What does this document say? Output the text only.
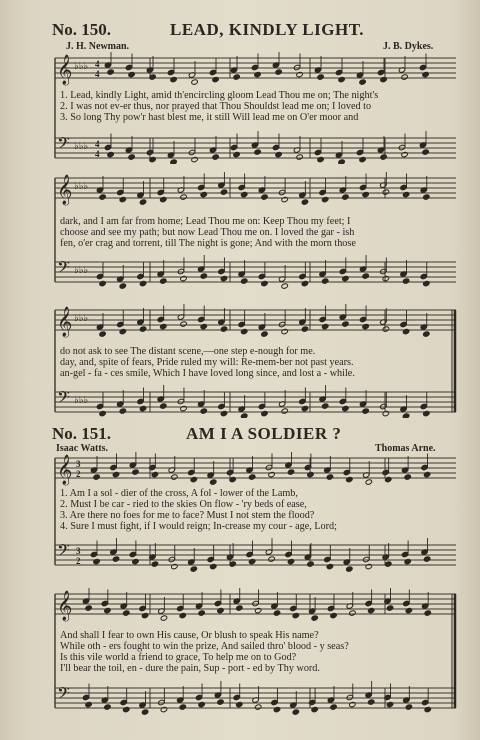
No. 150.	LEAD, KINDLY LIGHT.
J. H. Newman.	J. B. Dykes.
𝄞
𝄢
♭♭♭
♭♭♭
4
4
4
4
1. Lead, kindly Light, amid th'encircling gloom Lead Thou me on; The night's
2. I was not ev-er thus, nor prayed that Thou Shouldst lead me on; I loved to
3. So long Thy pow'r hast blest me, it still Will lead me on O'er moor and
𝄞
𝄢
♭♭♭
♭♭♭
dark, and I am far from home; Lead Thou me on: Keep Thou my feet; I
choose and see my path; but now Lead Thou me on. I loved the gar - ish
fen, o'er crag and torrent, till The night is gone; And with the morn those
𝄞
𝄢
♭♭♭
♭♭♭
do not ask to see The distant scene,—one step e-nough for me.
day, and, spite of fears, Pride ruled my will: Re-mem-ber not past years.
an-gel - fa - ces smile, Which I have loved long since, and lost a - while.
No. 151.	AM I A SOLDIER ?
Isaac Watts.	Thomas Arne.
𝄞
𝄢
3
2
3
2
1. Am I a sol - dier of the cross, A fol - lower of the Lamb,
2. Must I be car - ried to the skies On flow - 'ry beds of ease,
3. Are there no foes for me to face? Must I not stem the flood?
4. Sure I must fight, if I would reign; In-crease my cour - age, Lord;
𝄞
𝄢
And shall I fear to own His cause, Or blush to speak His name?
While oth - ers fought to win the prize, And sailed thro' blood - y seas?
Is this vile world a friend to grace, To help me on to God?
I'll bear the toil, en - dure the pain, Sup - port - ed by Thy word.
